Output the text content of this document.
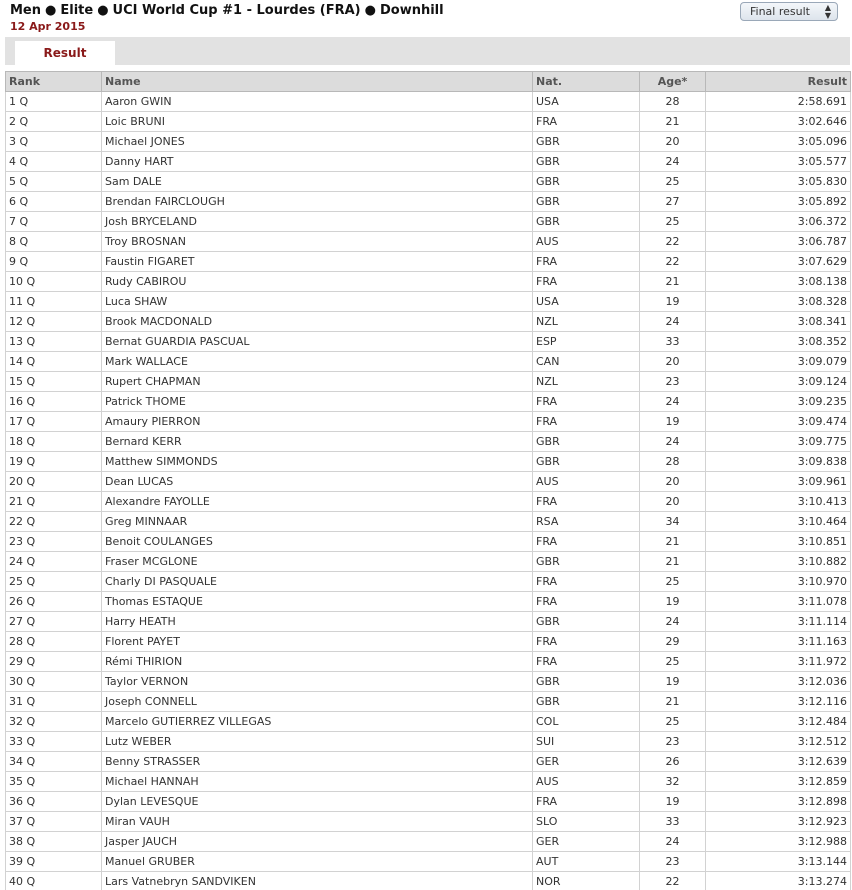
Men ● Elite ● UCI World Cup #1 - Lourdes (FRA) ● Downhill
12 Apr 2015
Final result ▲
▼
Result
Rank	Name	Nat.	Age*	Result
1 Q	Aaron GWIN	USA	28	2:58.691
2 Q	Loic BRUNI	FRA	21	3:02.646
3 Q	Michael JONES	GBR	20	3:05.096
4 Q	Danny HART	GBR	24	3:05.577
5 Q	Sam DALE	GBR	25	3:05.830
6 Q	Brendan FAIRCLOUGH	GBR	27	3:05.892
7 Q	Josh BRYCELAND	GBR	25	3:06.372
8 Q	Troy BROSNAN	AUS	22	3:06.787
9 Q	Faustin FIGARET	FRA	22	3:07.629
10 Q	Rudy CABIROU	FRA	21	3:08.138
11 Q	Luca SHAW	USA	19	3:08.328
12 Q	Brook MACDONALD	NZL	24	3:08.341
13 Q	Bernat GUARDIA PASCUAL	ESP	33	3:08.352
14 Q	Mark WALLACE	CAN	20	3:09.079
15 Q	Rupert CHAPMAN	NZL	23	3:09.124
16 Q	Patrick THOME	FRA	24	3:09.235
17 Q	Amaury PIERRON	FRA	19	3:09.474
18 Q	Bernard KERR	GBR	24	3:09.775
19 Q	Matthew SIMMONDS	GBR	28	3:09.838
20 Q	Dean LUCAS	AUS	20	3:09.961
21 Q	Alexandre FAYOLLE	FRA	20	3:10.413
22 Q	Greg MINNAAR	RSA	34	3:10.464
23 Q	Benoit COULANGES	FRA	21	3:10.851
24 Q	Fraser MCGLONE	GBR	21	3:10.882
25 Q	Charly DI PASQUALE	FRA	25	3:10.970
26 Q	Thomas ESTAQUE	FRA	19	3:11.078
27 Q	Harry HEATH	GBR	24	3:11.114
28 Q	Florent PAYET	FRA	29	3:11.163
29 Q	Rémi THIRION	FRA	25	3:11.972
30 Q	Taylor VERNON	GBR	19	3:12.036
31 Q	Joseph CONNELL	GBR	21	3:12.116
32 Q	Marcelo GUTIERREZ VILLEGAS	COL	25	3:12.484
33 Q	Lutz WEBER	SUI	23	3:12.512
34 Q	Benny STRASSER	GER	26	3:12.639
35 Q	Michael HANNAH	AUS	32	3:12.859
36 Q	Dylan LEVESQUE	FRA	19	3:12.898
37 Q	Miran VAUH	SLO	33	3:12.923
38 Q	Jasper JAUCH	GER	24	3:12.988
39 Q	Manuel GRUBER	AUT	23	3:13.144
40 Q	Lars Vatnebryn SANDVIKEN	NOR	22	3:13.274
